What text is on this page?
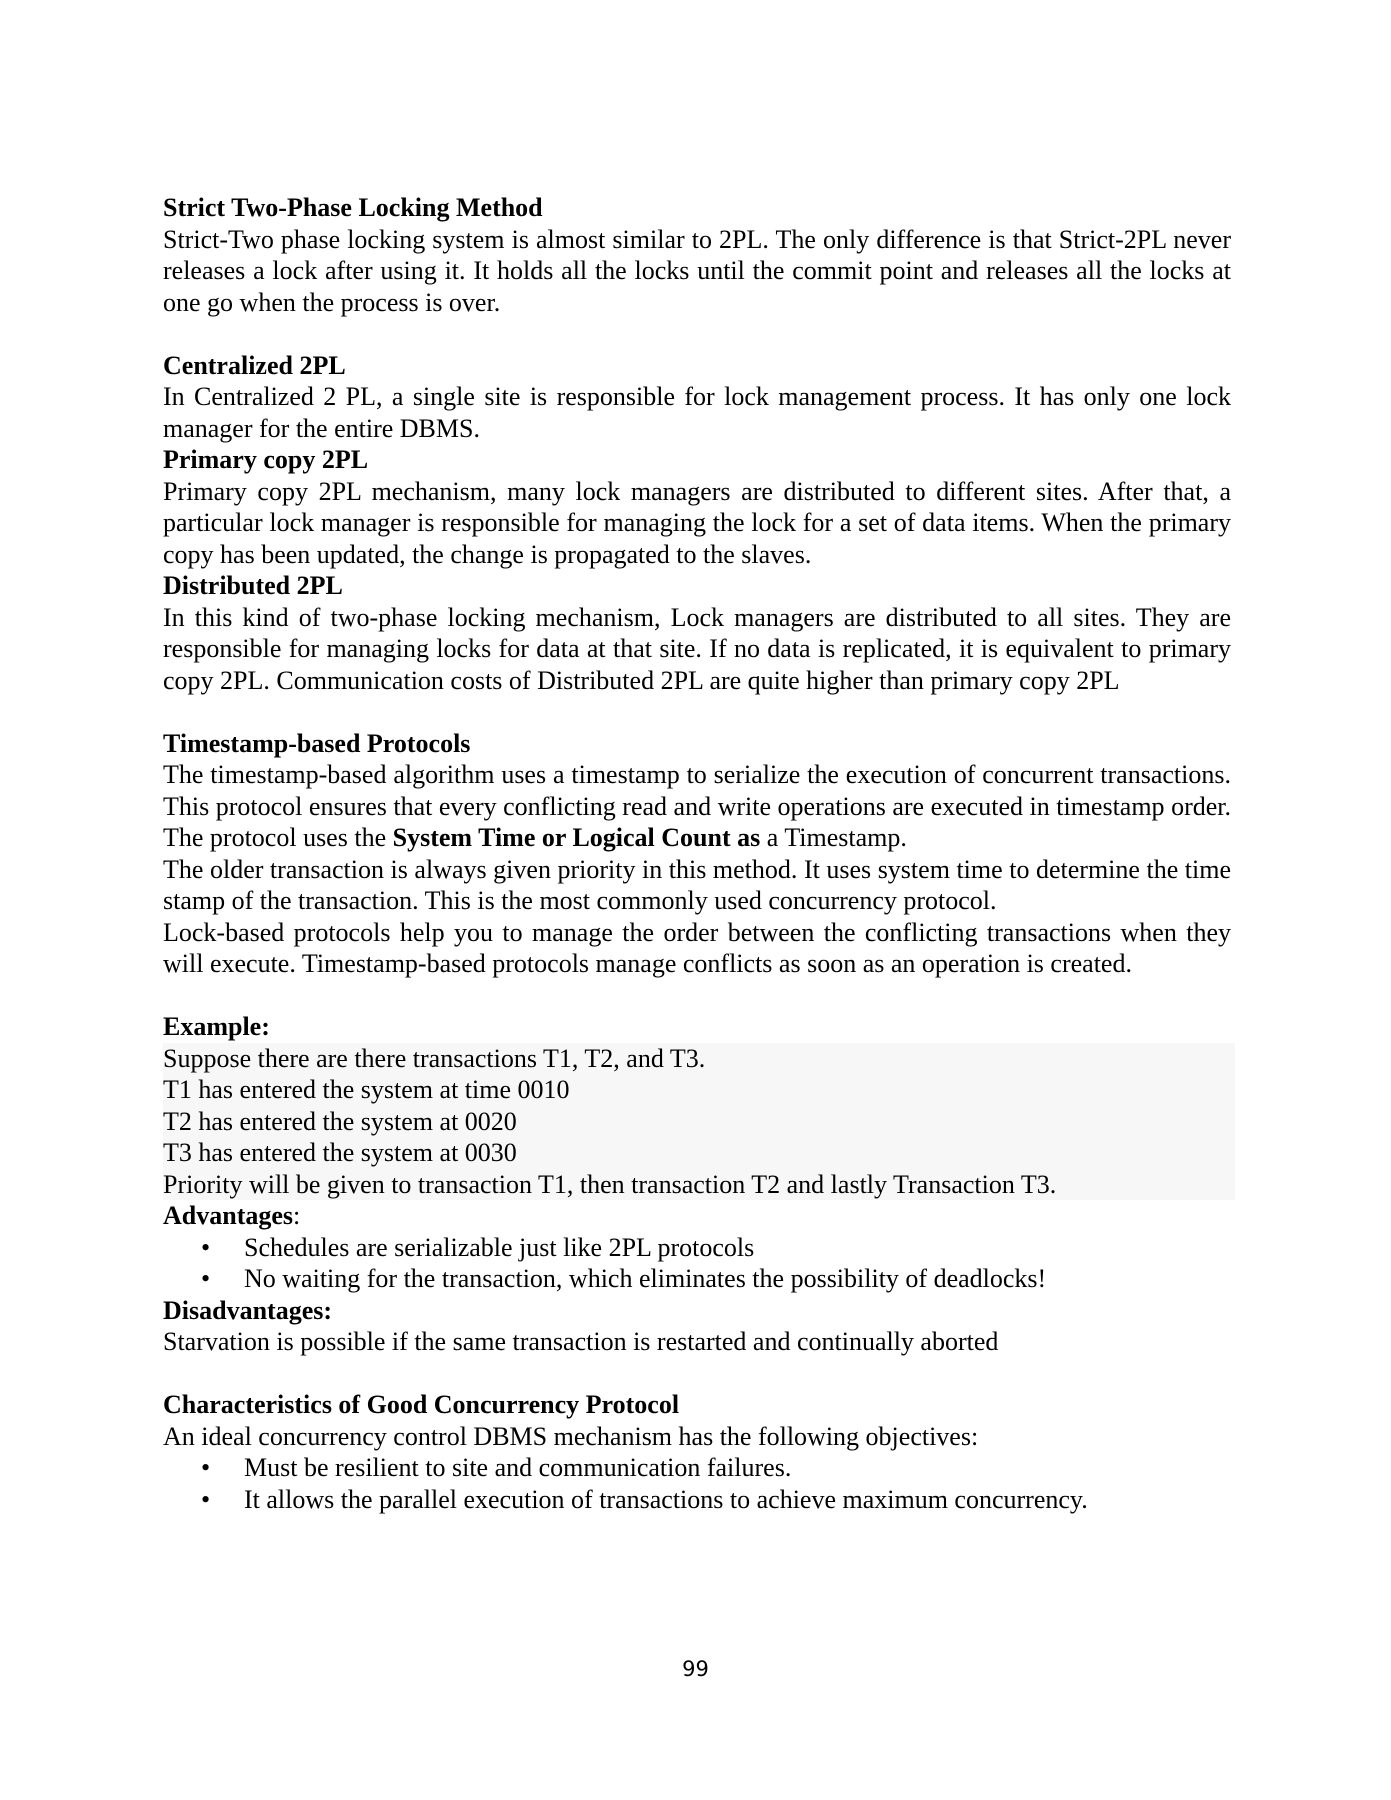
Strict Two-Phase Locking Method

Strict-Two phase locking system is almost similar to 2PL. The only difference is that Strict-2PL never releases a lock after using it. It holds all the locks until the commit point and releases all the locks at one go when the process is over.

Centralized 2PL

In Centralized 2 PL, a single site is responsible for lock management process. It has only one lock manager for the entire DBMS.

Primary copy 2PL

Primary copy 2PL mechanism, many lock managers are distributed to different sites. After that, a particular lock manager is responsible for managing the lock for a set of data items. When the primary copy has been updated, the change is propagated to the slaves.

Distributed 2PL

In this kind of two-phase locking mechanism, Lock managers are distributed to all sites. They are responsible for managing locks for data at that site. If no data is replicated, it is equivalent to primary copy 2PL. Communication costs of Distributed 2PL are quite higher than primary copy 2PL

Timestamp-based Protocols

The timestamp-based algorithm uses a timestamp to serialize the execution of concurrent transactions. This protocol ensures that every conflicting read and write operations are executed in timestamp order. The protocol uses the System Time or Logical Count as a Timestamp.

The older transaction is always given priority in this method. It uses system time to determine the time stamp of the transaction. This is the most commonly used concurrency protocol.

Lock-based protocols help you to manage the order between the conflicting transactions when they will execute. Timestamp-based protocols manage conflicts as soon as an operation is created.

Example:

Suppose there are there transactions T1, T2, and T3.

T1 has entered the system at time 0010

T2 has entered the system at 0020

T3 has entered the system at 0030

Priority will be given to transaction T1, then transaction T2 and lastly Transaction T3.

Advantages:

• Schedules are serializable just like 2PL protocols
• No waiting for the transaction, which eliminates the possibility of deadlocks!

Disadvantages:

Starvation is possible if the same transaction is restarted and continually aborted

Characteristics of Good Concurrency Protocol

An ideal concurrency control DBMS mechanism has the following objectives:

• Must be resilient to site and communication failures.
• It allows the parallel execution of transactions to achieve maximum concurrency.
99
